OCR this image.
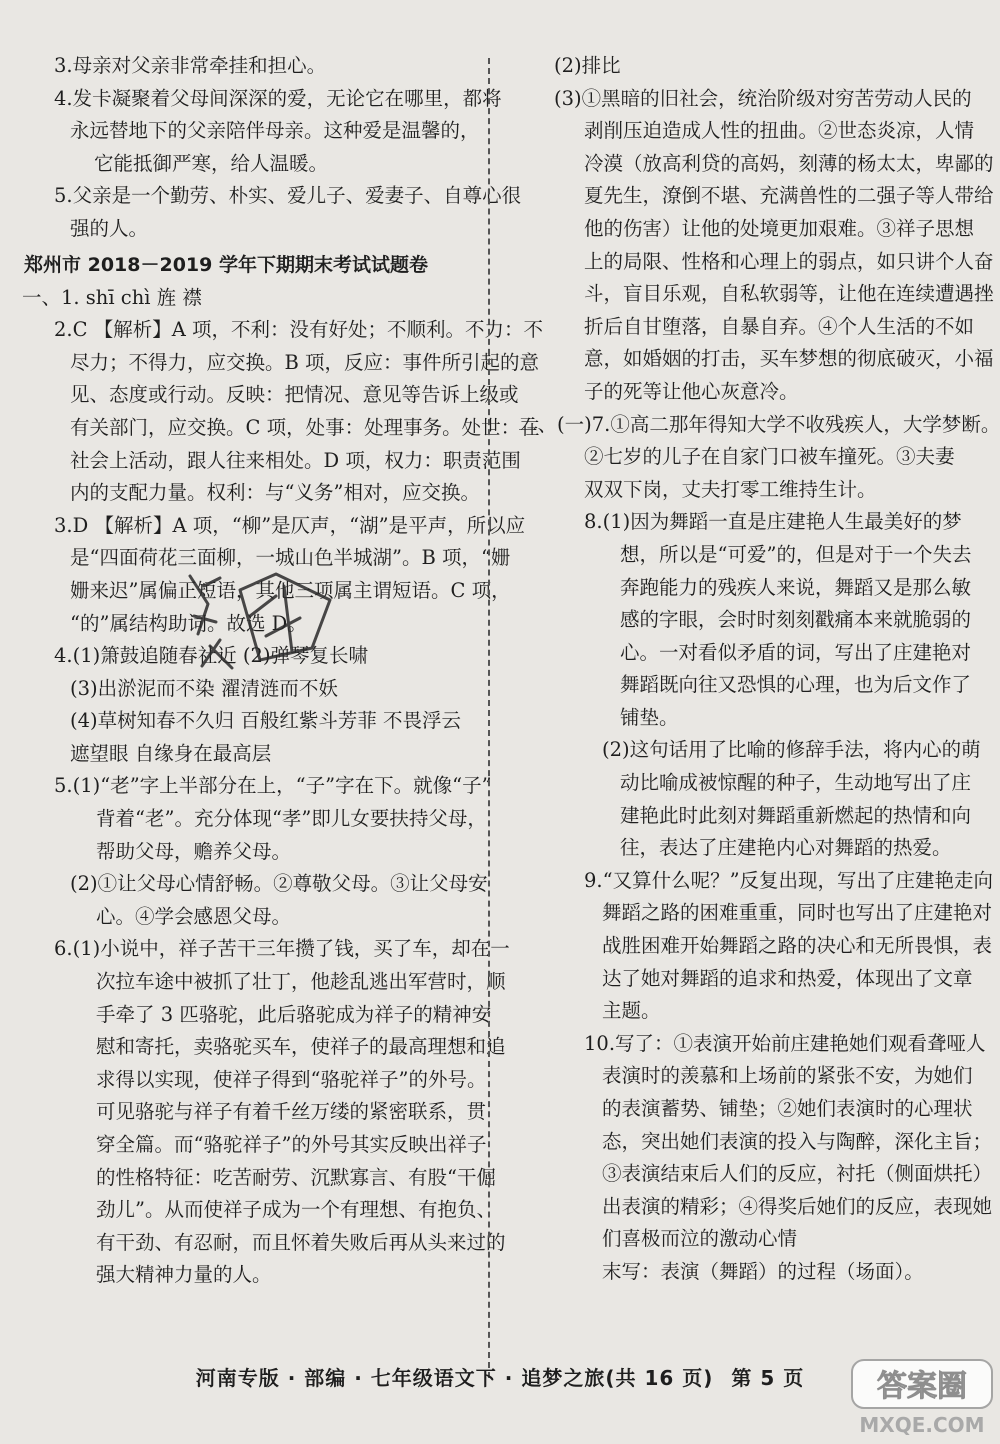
3.母亲对父亲非常牵挂和担心。
4.发卡凝聚着父母间深深的爱，无论它在哪里，都将
永远替地下的父亲陪伴母亲。这种爱是温馨的，
它能抵御严寒，给人温暖。
5.父亲是一个勤劳、朴实、爱儿子、爱妻子、自尊心很
强的人。
郑州市 2018－2019 学年下期期末考试试题卷
一、1. shī chì 旌 襟
2.C 【解析】A 项，不利：没有好处；不顺利。不力：不
尽力；不得力，应交换。B 项，反应：事件所引起的意
见、态度或行动。反映：把情况、意见等告诉上级或
有关部门，应交换。C 项，处事：处理事务。处世：在
社会上活动，跟人往来相处。D 项，权力：职责范围
内的支配力量。权利：与“义务”相对，应交换。
3.D 【解析】A 项，“柳”是仄声，“湖”是平声，所以应
是“四面荷花三面柳，一城山色半城湖”。B 项，“姗
姗来迟”属偏正短语，其他三项属主谓短语。C 项，
“的”属结构助词。故选 D。
4.(1)箫鼓追随春社近 (2)弹琴复长啸
(3)出淤泥而不染 濯清涟而不妖
(4)草树知春不久归 百般红紫斗芳菲 不畏浮云
遮望眼 自缘身在最高层
5.(1)“老”字上半部分在上，“子”字在下。就像“子”
背着“老”。充分体现“孝”即儿女要扶持父母，
帮助父母，赡养父母。
(2)①让父母心情舒畅。②尊敬父母。③让父母安
心。④学会感恩父母。
6.(1)小说中，祥子苦干三年攒了钱，买了车，却在一
次拉车途中被抓了壮丁，他趁乱逃出军营时，顺
手牵了 3 匹骆驼，此后骆驼成为祥子的精神安
慰和寄托，卖骆驼买车，使祥子的最高理想和追
求得以实现，使祥子得到“骆驼祥子”的外号。
可见骆驼与祥子有着千丝万缕的紧密联系，贯
穿全篇。而“骆驼祥子”的外号其实反映出祥子
的性格特征：吃苦耐劳、沉默寡言、有股“干倔
劲儿”。从而使祥子成为一个有理想、有抱负、
有干劲、有忍耐，而且怀着失败后再从头来过的
强大精神力量的人。
(2)排比
(3)①黑暗的旧社会，统治阶级对穷苦劳动人民的
剥削压迫造成人性的扭曲。②世态炎凉，人情
冷漠（放高利贷的高妈，刻薄的杨太太，卑鄙的
夏先生，潦倒不堪、充满兽性的二强子等人带给
他的伤害）让他的处境更加艰难。③祥子思想
上的局限、性格和心理上的弱点，如只讲个人奋
斗，盲目乐观，自私软弱等，让他在连续遭遇挫
折后自甘堕落，自暴自弃。④个人生活的不如
意，如婚姻的打击，买车梦想的彻底破灭，小福
子的死等让他心灰意冷。
二、(一)7.①高二那年得知大学不收残疾人，大学梦断。
②七岁的儿子在自家门口被车撞死。③夫妻
双双下岗，丈夫打零工维持生计。
8.(1)因为舞蹈一直是庄建艳人生最美好的梦
想，所以是“可爱”的，但是对于一个失去
奔跑能力的残疾人来说，舞蹈又是那么敏
感的字眼，会时时刻刻戳痛本来就脆弱的
心。一对看似矛盾的词，写出了庄建艳对
舞蹈既向往又恐惧的心理，也为后文作了
铺垫。
(2)这句话用了比喻的修辞手法，将内心的萌
动比喻成被惊醒的种子，生动地写出了庄
建艳此时此刻对舞蹈重新燃起的热情和向
往，表达了庄建艳内心对舞蹈的热爱。
9.“又算什么呢？”反复出现，写出了庄建艳走向
舞蹈之路的困难重重，同时也写出了庄建艳对
战胜困难开始舞蹈之路的决心和无所畏惧，表
达了她对舞蹈的追求和热爱，体现出了文章
主题。
10.写了：①表演开始前庄建艳她们观看聋哑人
表演时的羡慕和上场前的紧张不安，为她们
的表演蓄势、铺垫；②她们表演时的心理状
态，突出她们表演的投入与陶醉，深化主旨；
③表演结束后人们的反应，衬托（侧面烘托）
出表演的精彩；④得奖后她们的反应，表现她
们喜极而泣的激动心情
末写：表演（舞蹈）的过程（场面）。
河南专版 · 部编 · 七年级语文下 · 追梦之旅(共 16 页) 第 5 页	答案圈
MXQE.COM
